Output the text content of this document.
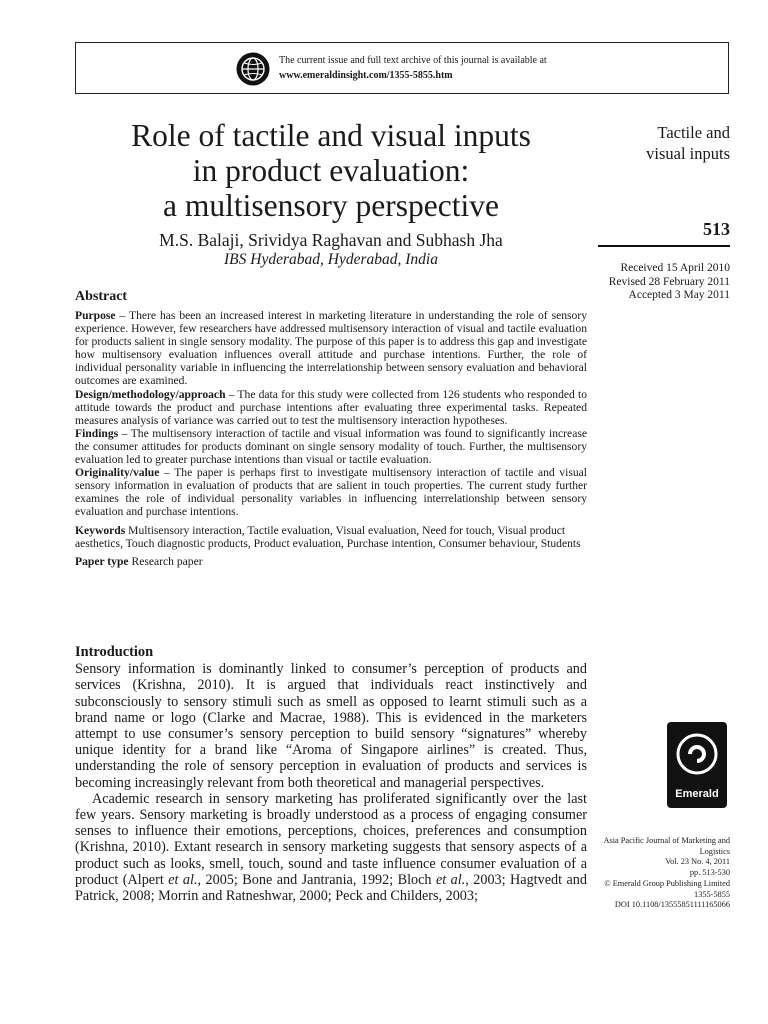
The current issue and full text archive of this journal is available at
www.emeraldinsight.com/1355-5855.htm
Role of tactile and visual inputs
in product evaluation:
a multisensory perspective
M.S. Balaji, Srividya Raghavan and Subhash Jha
IBS Hyderabad, Hyderabad, India
Tactile and
visual inputs
513
Received 15 April 2010
Revised 28 February 2011
Accepted 3 May 2011
Abstract

Purpose – There has been an increased interest in marketing literature in understanding the role of sensory experience. However, few researchers have addressed multisensory interaction of visual and tactile evaluation for products salient in single sensory modality. The purpose of this paper is to address this gap and investigate how multisensory evaluation influences overall attitude and purchase intentions. Further, the role of individual personality variable in influencing the interrelationship between sensory evaluation and behavioral outcomes are examined.

Design/methodology/approach – The data for this study were collected from 126 students who responded to attitude towards the product and purchase intentions after evaluating three experimental tasks. Repeated measures analysis of variance was carried out to test the multisensory interaction hypotheses.

Findings – The multisensory interaction of tactile and visual information was found to significantly increase the consumer attitudes for products dominant on single sensory modality of touch. Further, the multisensory evaluation led to greater purchase intentions than visual or tactile evaluation.

Originality/value – The paper is perhaps first to investigate multisensory interaction of tactile and visual sensory information in evaluation of products that are salient in touch properties. The current study further examines the role of individual personality variables in influencing interrelationship between sensory evaluation and purchase intentions.

Keywords Multisensory interaction, Tactile evaluation, Visual evaluation, Need for touch, Visual product aesthetics, Touch diagnostic products, Product evaluation, Purchase intention, Consumer behaviour, Students

Paper type Research paper

Introduction

Sensory information is dominantly linked to consumer’s perception of products and services (Krishna, 2010). It is argued that individuals react instinctively and subconsciously to sensory stimuli such as smell as opposed to learnt stimuli such as a brand name or logo (Clarke and Macrae, 1988). This is evidenced in the marketers attempt to use consumer’s sensory perception to build sensory “signatures” whereby unique identity for a brand like “Aroma of Singapore airlines” is created. Thus, understanding the role of sensory perception in evaluation of products and services is becoming increasingly relevant from both theoretical and managerial perspectives.

Academic research in sensory marketing has proliferated significantly over the last few years. Sensory marketing is broadly understood as a process of engaging consumer senses to influence their emotions, perceptions, choices, preferences and consumption (Krishna, 2010). Extant research in sensory marketing suggests that sensory aspects of a product such as looks, smell, touch, sound and taste influence consumer evaluation of a product (Alpert et al., 2005; Bone and Jantrania, 1992; Bloch et al., 2003; Hagtvedt and Patrick, 2008; Morrin and Ratneshwar, 2000; Peck and Childers, 2003;

Emerald
Asia Pacific Journal of Marketing and
Logistics
Vol. 23 No. 4, 2011
pp. 513-530
© Emerald Group Publishing Limited
1355-5855
DOI 10.1108/13555851111165066
